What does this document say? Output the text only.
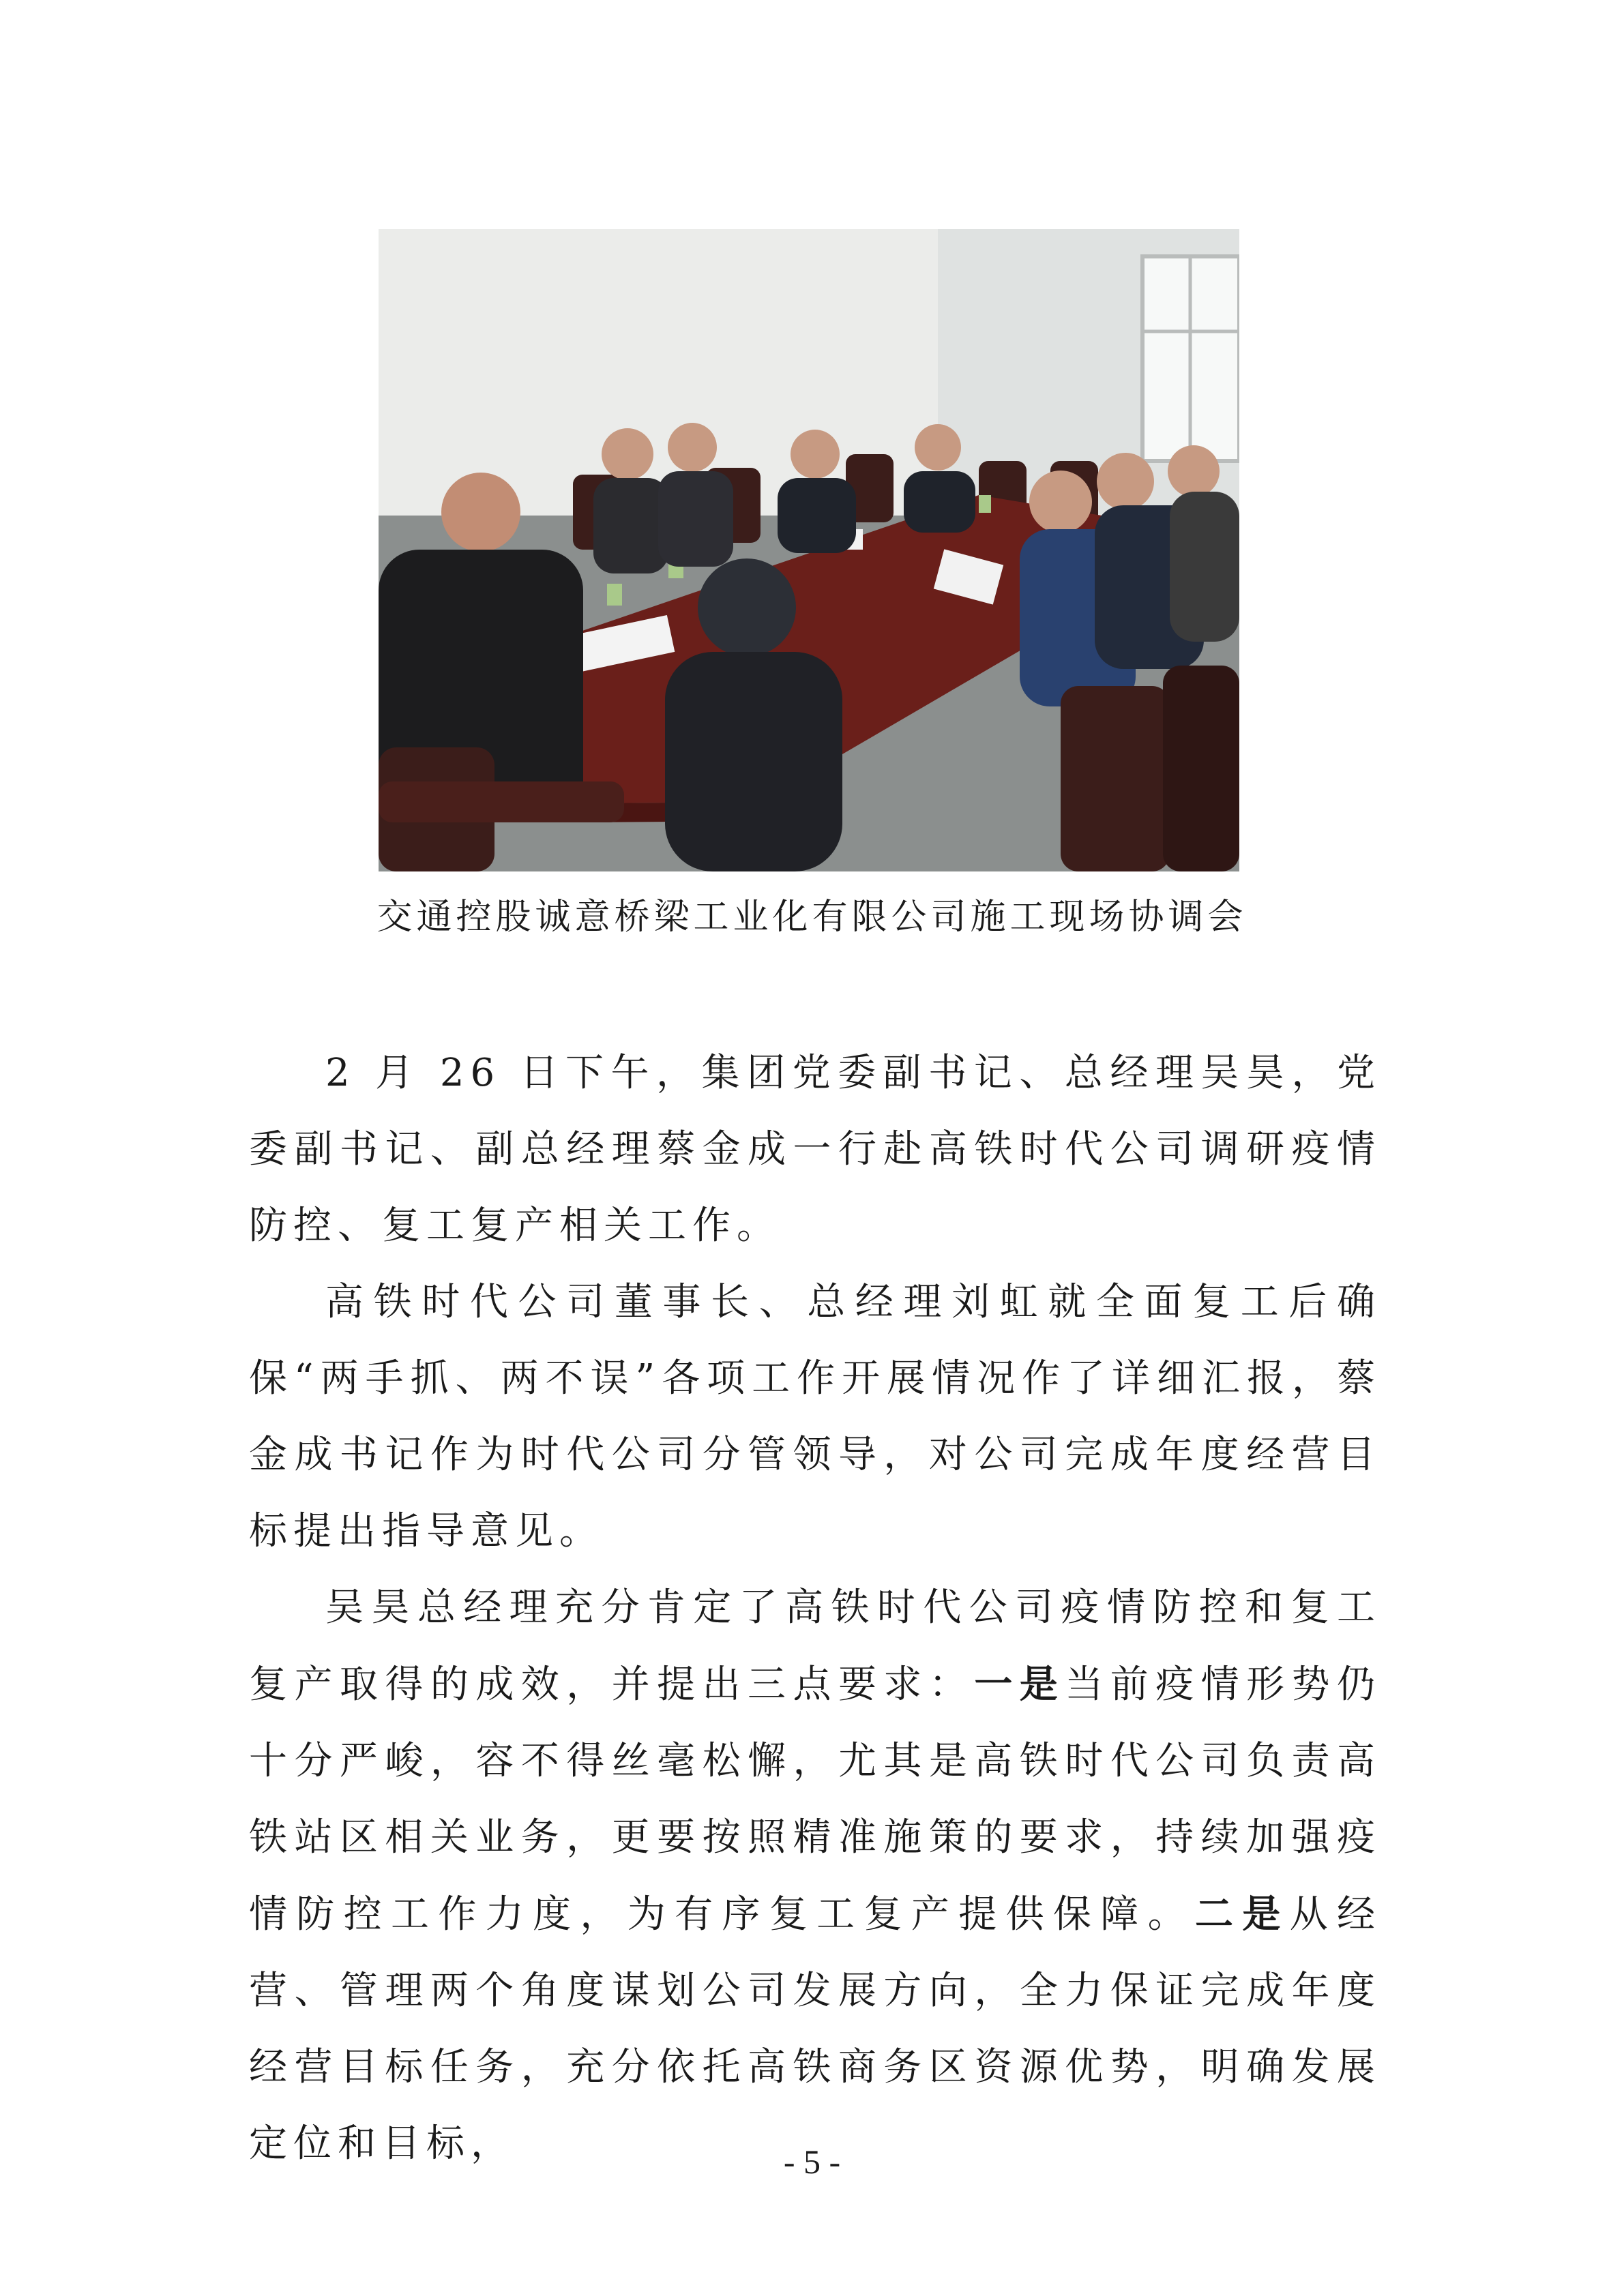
交通控股诚意桥梁工业化有限公司施工现场协调会

2 月 26 日下午，集团党委副书记、总经理吴昊，党委副书记、副总经理蔡金成一行赴高铁时代公司调研疫情防控、复工复产相关工作。

高铁时代公司董事长、总经理刘虹就全面复工后确保“两手抓、两不误”各项工作开展情况作了详细汇报，蔡金成书记作为时代公司分管领导，对公司完成年度经营目标提出指导意见。

吴昊总经理充分肯定了高铁时代公司疫情防控和复工复产取得的成效，并提出三点要求：一是当前疫情形势仍十分严峻，容不得丝毫松懈，尤其是高铁时代公司负责高铁站区相关业务，更要按照精准施策的要求，持续加强疫情防控工作力度，为有序复工复产提供保障。二是从经营、管理两个角度谋划公司发展方向，全力保证完成年度经营目标任务，充分依托高铁商务区资源优势，明确发展定位和目标，	- 5 -
